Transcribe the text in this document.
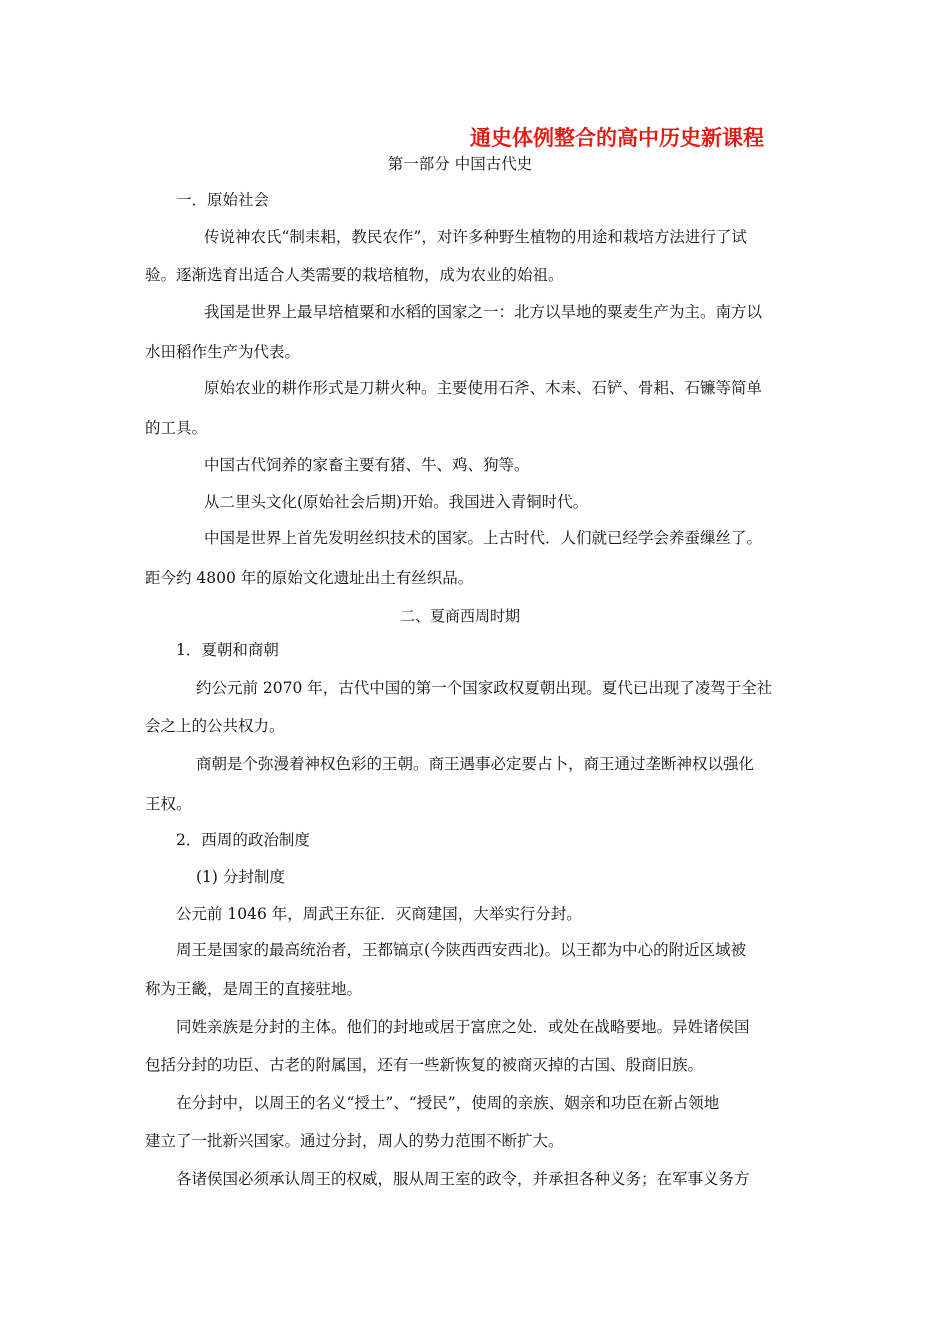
通史体例整合的高中历史新课程
第一部分 中国古代史
一．原始社会
传说神农氏“制耒耜，教民农作”，对许多种野生植物的用途和栽培方法进行了试
验。逐渐选育出适合人类需要的栽培植物，成为农业的始祖。
我国是世界上最早培植粟和水稻的国家之一：北方以旱地的粟麦生产为主。南方以
水田稻作生产为代表。
原始农业的耕作形式是刀耕火种。主要使用石斧、木耒、石铲、骨耜、石镰等简单
的工具。
中国古代饲养的家畜主要有猪、牛、鸡、狗等。
从二里头文化(原始社会后期)开始。我国进入青铜时代。
中国是世界上首先发明丝织技术的国家。上古时代．人们就已经学会养蚕缫丝了。
距今约 4800 年的原始文化遗址出土有丝织品。
二、夏商西周时期
1．夏朝和商朝
约公元前 2070 年，古代中国的第一个国家政权夏朝出现。夏代已出现了凌驾于全社
会之上的公共权力。
商朝是个弥漫着神权色彩的王朝。商王遇事必定要占卜，商王通过垄断神权以强化
王权。
2．西周的政治制度
(1) 分封制度
公元前 1046 年，周武王东征．灭商建国，大举实行分封。
周王是国家的最高统治者，王都镐京(今陕西西安西北)。以王都为中心的附近区域被
称为王畿，是周王的直接驻地。
同姓亲族是分封的主体。他们的封地或居于富庶之处．或处在战略要地。异姓诸侯国
包括分封的功臣、古老的附属国，还有一些新恢复的被商灭掉的古国、殷商旧族。
在分封中，以周王的名义“授土”、“授民”，使周的亲族、姻亲和功臣在新占领地
建立了一批新兴国家。通过分封，周人的势力范围不断扩大。
各诸侯国必须承认周王的权威，服从周王室的政令，并承担各种义务；在军事义务方
